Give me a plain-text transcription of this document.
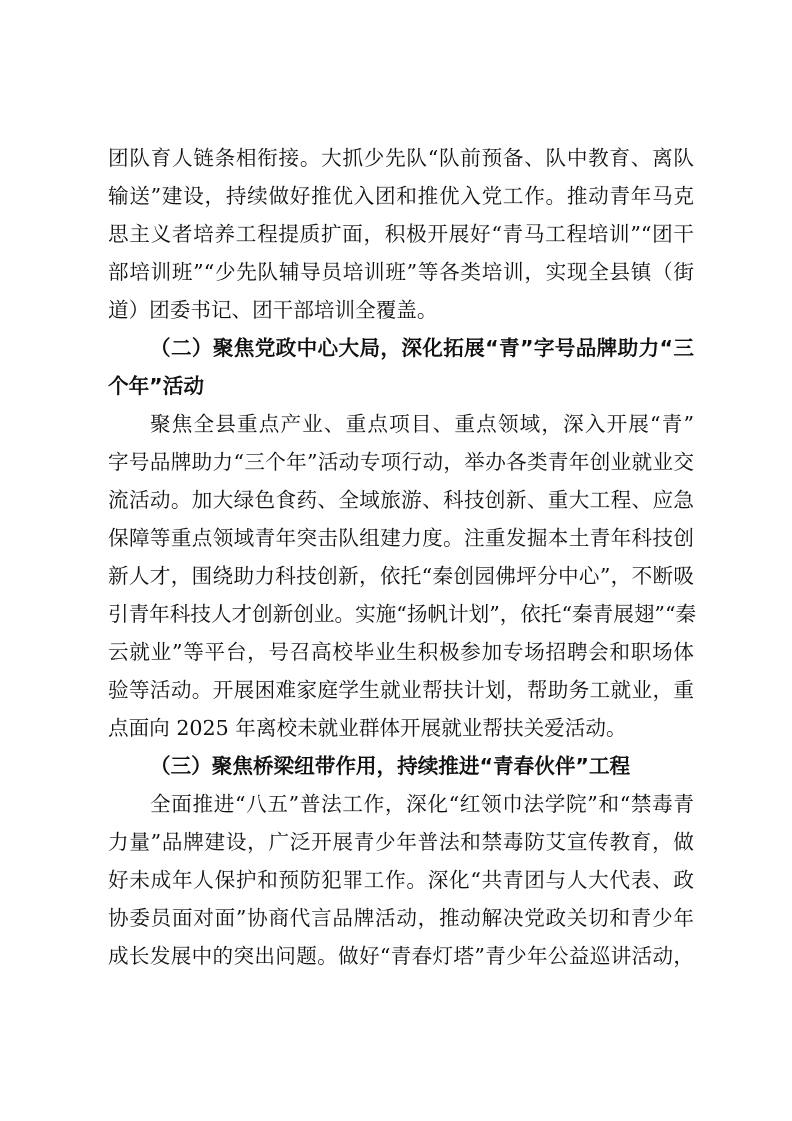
团队育人链条相衔接。大抓少先队“队前预备、队中教育、离队
输送”建设，持续做好推优入团和推优入党工作。推动青年马克
思主义者培养工程提质扩面，积极开展好“青马工程培训”“团干
部培训班”“少先队辅导员培训班”等各类培训，实现全县镇（街
道）团委书记、团干部培训全覆盖。
（二）聚焦党政中心大局，深化拓展“青”字号品牌助力“三
个年”活动
聚焦全县重点产业、重点项目、重点领域，深入开展“青”
字号品牌助力“三个年”活动专项行动，举办各类青年创业就业交
流活动。加大绿色食药、全域旅游、科技创新、重大工程、应急
保障等重点领域青年突击队组建力度。注重发掘本土青年科技创
新人才，围绕助力科技创新，依托“秦创园佛坪分中心”，不断吸
引青年科技人才创新创业。实施“扬帆计划”，依托“秦青展翅”“秦
云就业”等平台，号召高校毕业生积极参加专场招聘会和职场体
验等活动。开展困难家庭学生就业帮扶计划，帮助务工就业，重
点面向 2025 年离校未就业群体开展就业帮扶关爱活动。
（三）聚焦桥梁纽带作用，持续推进“青春伙伴”工程
全面推进“八五”普法工作，深化“红领巾法学院”和“禁毒青
力量”品牌建设，广泛开展青少年普法和禁毒防艾宣传教育，做
好未成年人保护和预防犯罪工作。深化“共青团与人大代表、政
协委员面对面”协商代言品牌活动，推动解决党政关切和青少年
成长发展中的突出问题。做好“青春灯塔”青少年公益巡讲活动，
